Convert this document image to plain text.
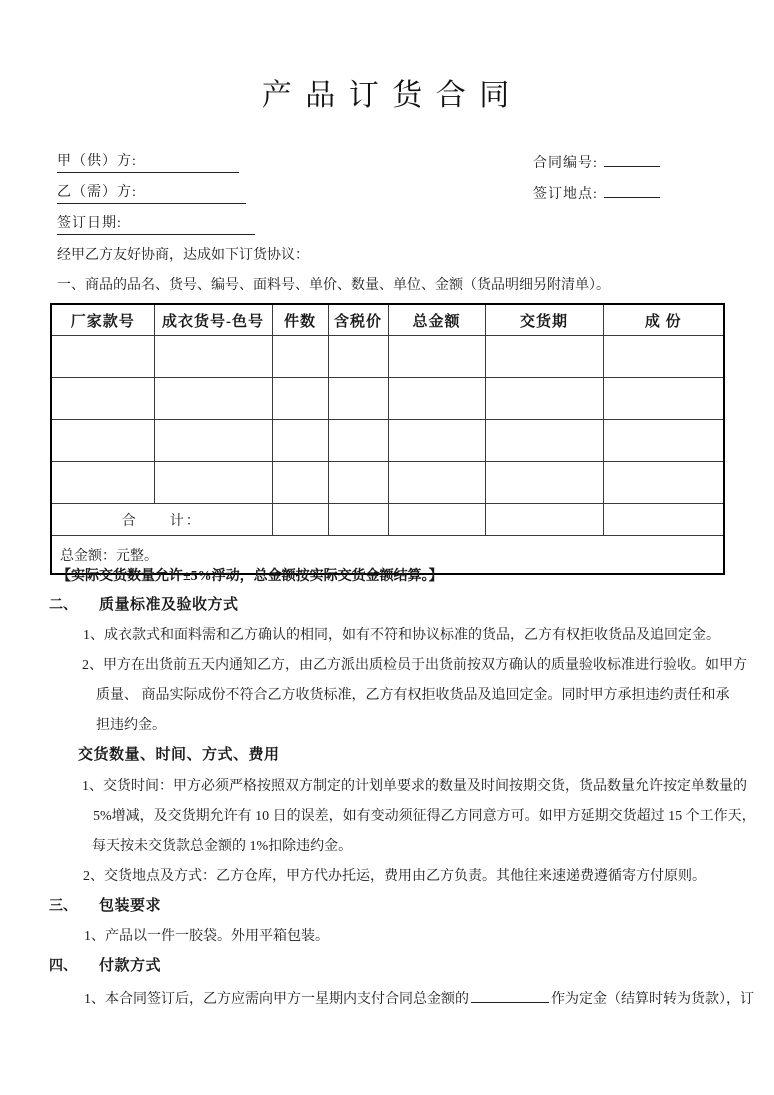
产 品 订 货 合 同
甲（供）方:
乙（需）方:
签订日期:
合同编号:
签订地点:
经甲乙方友好协商，达成如下订货协议：
一、商品的品名、货号、编号、面料号、单价、数量、单位、金额（货品明细另附清单）。
厂家款号	成衣货号-色号	件数	含税价	总金额	交货期	成 份

合　　计：						
总金额：元整。						
【实际交货数量允许±5%浮动，总金额按实际交货金额结算。】
二、 质量标准及验收方式
1、成衣款式和面料需和乙方确认的相同，如有不符和协议标准的货品，乙方有权拒收货品及追回定金。
2、甲方在出货前五天内通知乙方，由乙方派出质检员于出货前按双方确认的质量验收标准进行验收。如甲方
质量、 商品实际成份不符合乙方收货标准，乙方有权拒收货品及追回定金。同时甲方承担违约责任和承
担违约金。
交货数量、时间、方式、费用
1、交货时间：甲方必须严格按照双方制定的计划单要求的数量及时间按期交货，货品数量允许按定单数量的
5%增减，及交货期允许有 10 日的误差，如有变动须征得乙方同意方可。如甲方延期交货超过 15 个工作天，
每天按未交货款总金额的 1%扣除违约金。
2、交货地点及方式：乙方仓库，甲方代办托运，费用由乙方负责。其他往来速递费遵循寄方付原则。
三、 包装要求
1、产品以一件一胶袋。外用平箱包装。
四、 付款方式
1、本合同签订后，乙方应需向甲方一星期内支付合同总金额的	作为定金（结算时转为货款），订
